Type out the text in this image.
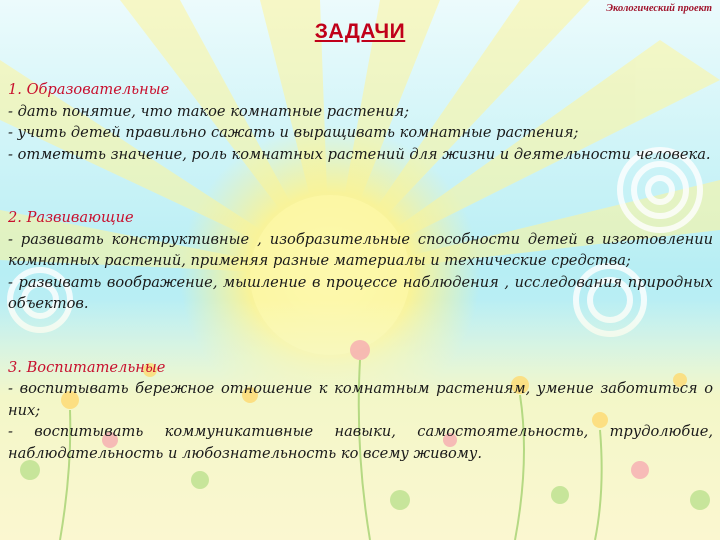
Экологический проект
ЗАДАЧИ
1. Образовательные

- дать понятие, что такое комнатные растения;

- учить детей правильно сажать и выращивать комнатные растения;

- отметить значение, роль комнатных растений для жизни и деятельности человека.

2. Развивающие

- развивать конструктивные , изобразительные способности детей в изготовлении комнатных растений, применяя разные материалы и технические средства;

- развивать воображение, мышление в процессе наблюдения , исследования природных объектов.

3. Воспитательные

- воспитывать бережное отношение к комнатным растениям, умение заботиться о них;

- воспитывать коммуникативные навыки, самостоятельность, трудолюбие, наблюдательность и любознательность ко всему живому.
